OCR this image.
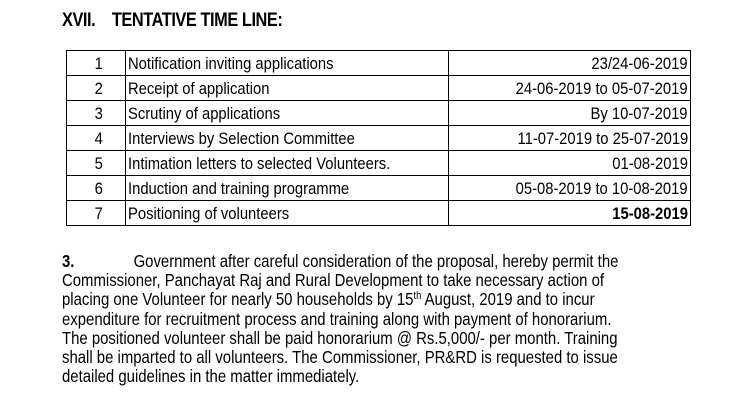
XVII. TENTATIVE TIME LINE:
1	Notification inviting applications	23/24-06-2019
2	Receipt of application	24-06-2019 to 05-07-2019
3	Scrutiny of applications	By 10-07-2019
4	Interviews by Selection Committee	11-07-2019 to 25-07-2019
5	Intimation letters to selected Volunteers.	01-08-2019
6	Induction and training programme	05-08-2019 to 10-08-2019
7	Positioning of volunteers	15-08-2019
3.	Government after careful consideration of the proposal, hereby permit the
Commissioner, Panchayat Raj and Rural Development to take necessary action of
placing one Volunteer for nearly 50 households by 15th August, 2019 and to incur
expenditure for recruitment process and training along with payment of honorarium.
The positioned volunteer shall be paid honorarium @ Rs.5,000/- per month. Training
shall be imparted to all volunteers. The Commissioner, PR&RD is requested to issue
detailed guidelines in the matter immediately.
